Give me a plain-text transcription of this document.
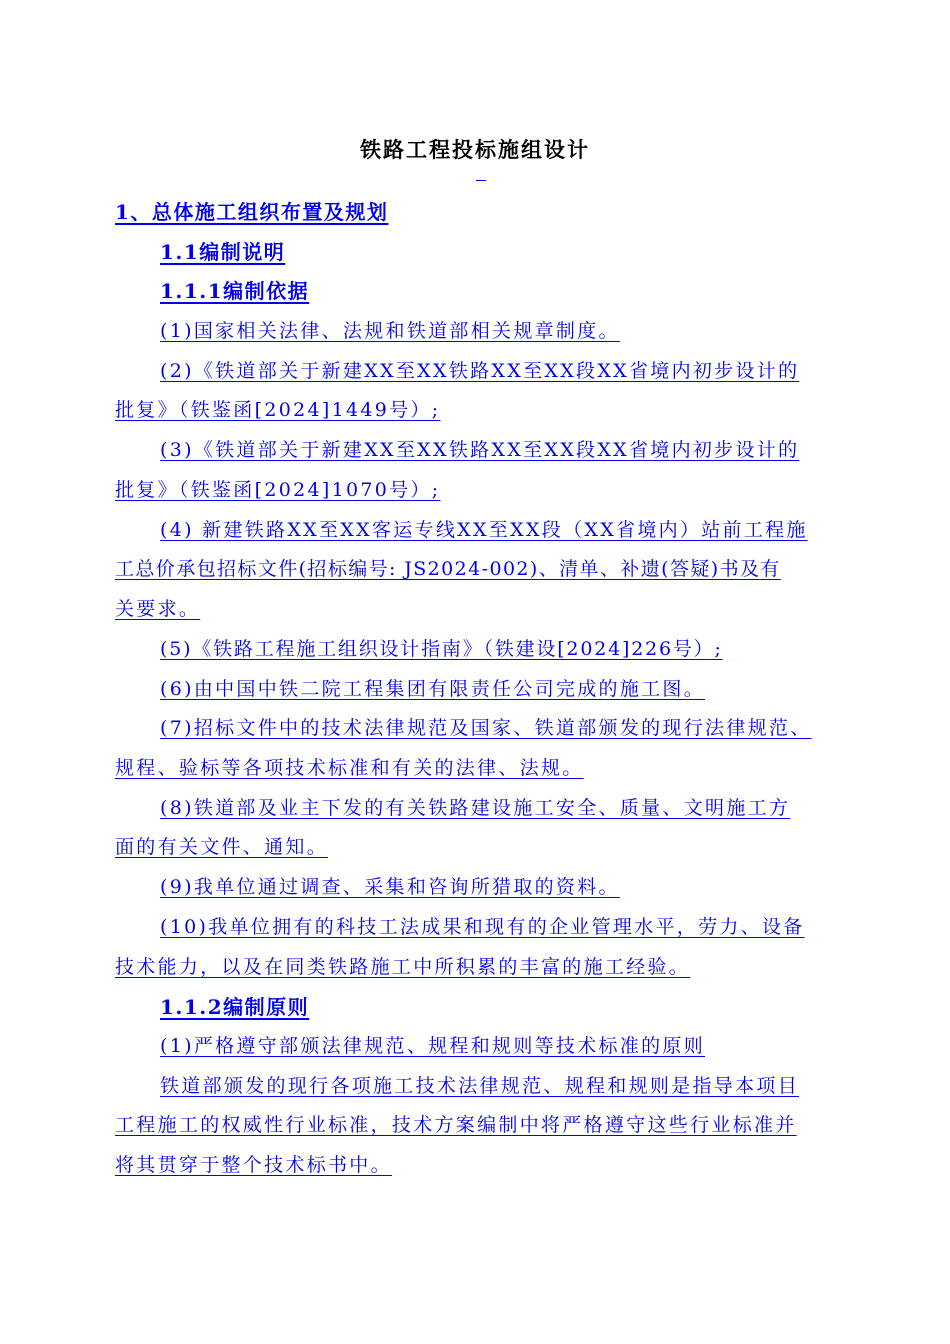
铁路工程投标施组设计
1、总体施工组织布置及规划
1.1编制说明
1.1.1编制依据
(1)国家相关法律、法规和铁道部相关规章制度。
(2)《铁道部关于新建XX至XX铁路XX至XX段XX省境内初步设计的
批复》（铁鉴函[2024]1449号）;
(3)《铁道部关于新建XX至XX铁路XX至XX段XX省境内初步设计的
批复》（铁鉴函[2024]1070号）;
(4) 新建铁路XX至XX客运专线XX至XX段（XX省境内）站前工程施
工总价承包招标文件(招标编号: JS2024-002)、清单、补遗(答疑)书及有
关要求。
(5)《铁路工程施工组织设计指南》（铁建设[2024]226号）;
(6)由中国中铁二院工程集团有限责任公司完成的施工图。
(7)招标文件中的技术法律规范及国家、铁道部颁发的现行法律规范、
规程、验标等各项技术标准和有关的法律、法规。
(8)铁道部及业主下发的有关铁路建设施工安全、质量、文明施工方
面的有关文件、通知。
(9)我单位通过调查、采集和咨询所猎取的资料。
(10)我单位拥有的科技工法成果和现有的企业管理水平，劳力、设备
技术能力，以及在同类铁路施工中所积累的丰富的施工经验。
1.1.2编制原则
(1)严格遵守部颁法律规范、规程和规则等技术标准的原则
铁道部颁发的现行各项施工技术法律规范、规程和规则是指导本项目
工程施工的权威性行业标准，技术方案编制中将严格遵守这些行业标准并
将其贯穿于整个技术标书中。
